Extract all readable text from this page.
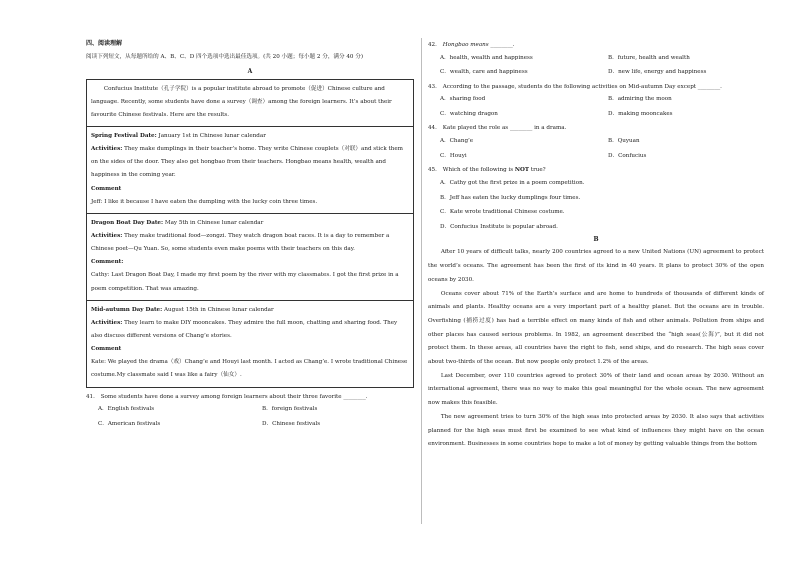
四、阅读理解
阅读下列短文，从每题所给的 A、B、C、D 四个选项中选出最佳选项。(共 20 小题；每小题 2 分，满分 40 分)
A

Confucius Institute（孔子学院）is a popular institute abroad to promote（促进）Chinese culture and language. Recently, some students have done a survey（调查）among the foreign learners. It’s about their favourite Chinese festivals. Here are the results.

Spring Festival Date: January 1st in Chinese lunar calendar

Activities: They make dumplings in their teacher’s home. They write Chinese couplets（对联）and stick them on the sides of the door. They also get hongbao from their teachers. Hongbao means health, wealth and happiness in the coming year.

Comment

Jeff: I like it because I have eaten the dumpling with the lucky coin three times.

Dragon Boat Day Date: May 5th in Chinese lunar calendar

Activities: They make traditional food—zongzi. They watch dragon boat races. It is a day to remember a Chinese poet—Qu Yuan. So, some students even make poems with their teachers on this day.

Comment:

Cathy: Last Dragon Boat Day, I made my first poem by the river with my classmates. I got the first prize in a poem competition. That was amazing.

Mid-autumn Day Date: August 15th in Chinese lunar calendar

Activities: They learn to make DIY mooncakes. They admire the full moon, chatting and sharing food. They also discuss different versions of Chang’e stories.

Comment

Kate: We played the drama（戏）Chang’e and Houyi last month. I acted as Chang’e. I wrote traditional Chinese costume.My classmate said I was like a fairy（仙女）.

41． Some students have done a survey among foreign learners about their three favorite ________.

A．English festivals	B．foreign festivals
C．American festivals	D．Chinese festivals

42． Hongbao means ________.

A．health, wealth and happiness	B．future, health and wealth
C．wealth, care and happiness	D．new life, energy and happiness

43． According to the passage, students do the following activities on Mid-autumn Day except ________.

A．sharing food	B．admiring the moon
C．watching dragon	D．making mooncakes

44． Kate played the role as ________ in a drama.

A．Chang’e	B．Quyuan
C．Houyi	D．Confucius

45． Which of the following is NOT true?

A．Cathy got the first prize in a poem competition.
B．Jeff has eaten the lucky dumplings four times.
C．Kate wrote traditional Chinese costume.
D．Confucius Institute is popular abroad.
B

After 10 years of difficult talks, nearly 200 countries agreed to a new United Nations (UN) agreement to protect the world’s oceans. The agreement has been the first of its kind in 40 years. It plans to protect 30% of the open oceans by 2030.

Oceans cover about 71% of the Earth’s surface and are home to hundreds of thousands of different kinds of animals and plants. Healthy oceans are a very important part of a healthy planet. But the oceans are in trouble. Overfishing (捕捞过度) has had a terrible effect on many kinds of fish and other animals. Pollution from ships and other places has caused serious problems. In 1982, an agreement described the “high seas(公海)”, but it did not protect them. In these areas, all countries have the right to fish, send ships, and do research. The high seas cover about two-thirds of the ocean. But now people only protect 1.2% of the areas.

Last December, over 110 countries agreed to protect 30% of their land and ocean areas by 2030. Without an international agreement, there was no way to make this goal meaningful for the whole ocean. The new agreement now makes this feasible.

The new agreement tries to turn 30% of the high seas into protected areas by 2030. It also says that activities planned for the high seas must first be examined to see what kind of influences they might have on the ocean environment. Businesses in some countries hope to make a lot of money by getting valuable things from the bottom
